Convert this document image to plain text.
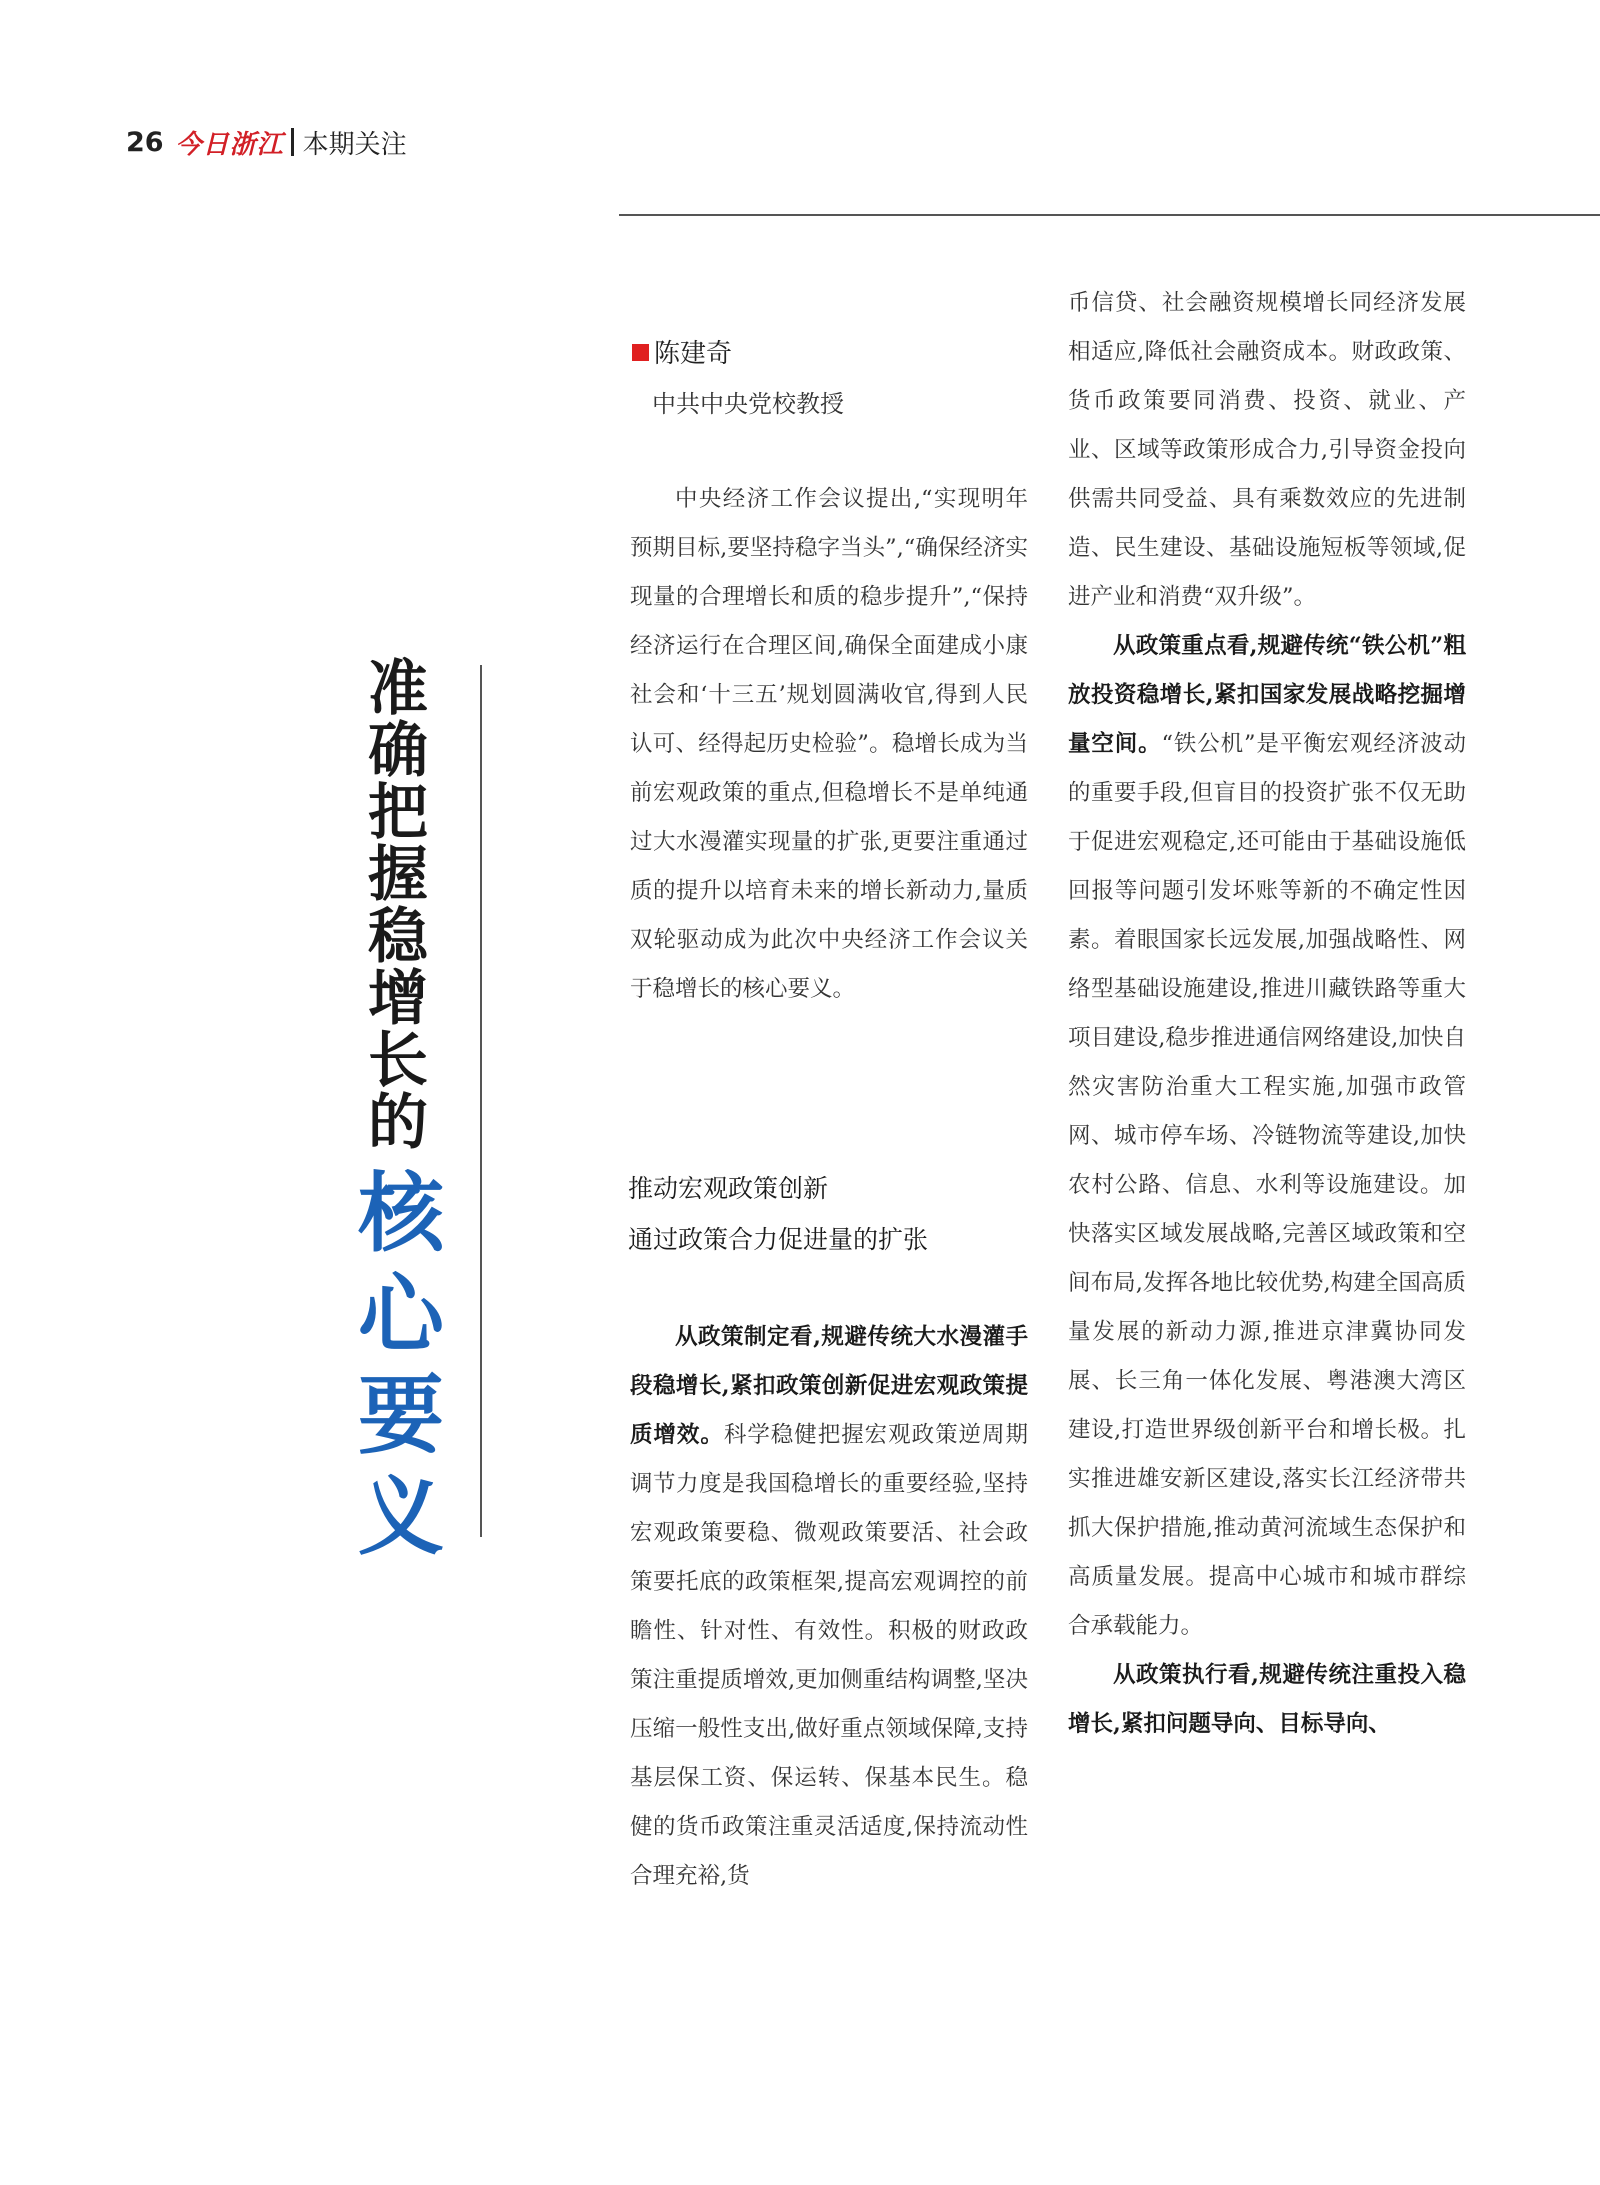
26 今日浙江 本期关注
准确把握稳增长的
核心要义
陈建奇
中共中央党校教授

中央经济工作会议提出,“实现明年预期目标,要坚持稳字当头”,“确保经济实现量的合理增长和质的稳步提升”,“保持经济运行在合理区间,确保全面建成小康社会和‘十三五’规划圆满收官,得到人民认可、经得起历史检验”。稳增长成为当前宏观政策的重点,但稳增长不是单纯通过大水漫灌实现量的扩张,更要注重通过质的提升以培育未来的增长新动力,量质双轮驱动成为此次中央经济工作会议关于稳增长的核心要义。

推动宏观政策创新
通过政策合力促进量的扩张

从政策制定看,规避传统大水漫灌手段稳增长,紧扣政策创新促进宏观政策提质增效。科学稳健把握宏观政策逆周期调节力度是我国稳增长的重要经验,坚持宏观政策要稳、微观政策要活、社会政策要托底的政策框架,提高宏观调控的前瞻性、针对性、有效性。积极的财政政策注重提质增效,更加侧重结构调整,坚决压缩一般性支出,做好重点领域保障,支持基层保工资、保运转、保基本民生。稳健的货币政策注重灵活适度,保持流动性合理充裕,货

币信贷、社会融资规模增长同经济发展相适应,降低社会融资成本。财政政策、货币政策要同消费、投资、就业、产业、区域等政策形成合力,引导资金投向供需共同受益、具有乘数效应的先进制造、民生建设、基础设施短板等领域,促进产业和消费“双升级”。

从政策重点看,规避传统“铁公机”粗放投资稳增长,紧扣国家发展战略挖掘增量空间。“铁公机”是平衡宏观经济波动的重要手段,但盲目的投资扩张不仅无助于促进宏观稳定,还可能由于基础设施低回报等问题引发坏账等新的不确定性因素。着眼国家长远发展,加强战略性、网络型基础设施建设,推进川藏铁路等重大项目建设,稳步推进通信网络建设,加快自然灾害防治重大工程实施,加强市政管网、城市停车场、冷链物流等建设,加快农村公路、信息、水利等设施建设。加快落实区域发展战略,完善区域政策和空间布局,发挥各地比较优势,构建全国高质量发展的新动力源,推进京津冀协同发展、长三角一体化发展、粤港澳大湾区建设,打造世界级创新平台和增长极。扎实推进雄安新区建设,落实长江经济带共抓大保护措施,推动黄河流域生态保护和高质量发展。提高中心城市和城市群综合承载能力。

从政策执行看,规避传统注重投入稳增长,紧扣问题导向、目标导向、
